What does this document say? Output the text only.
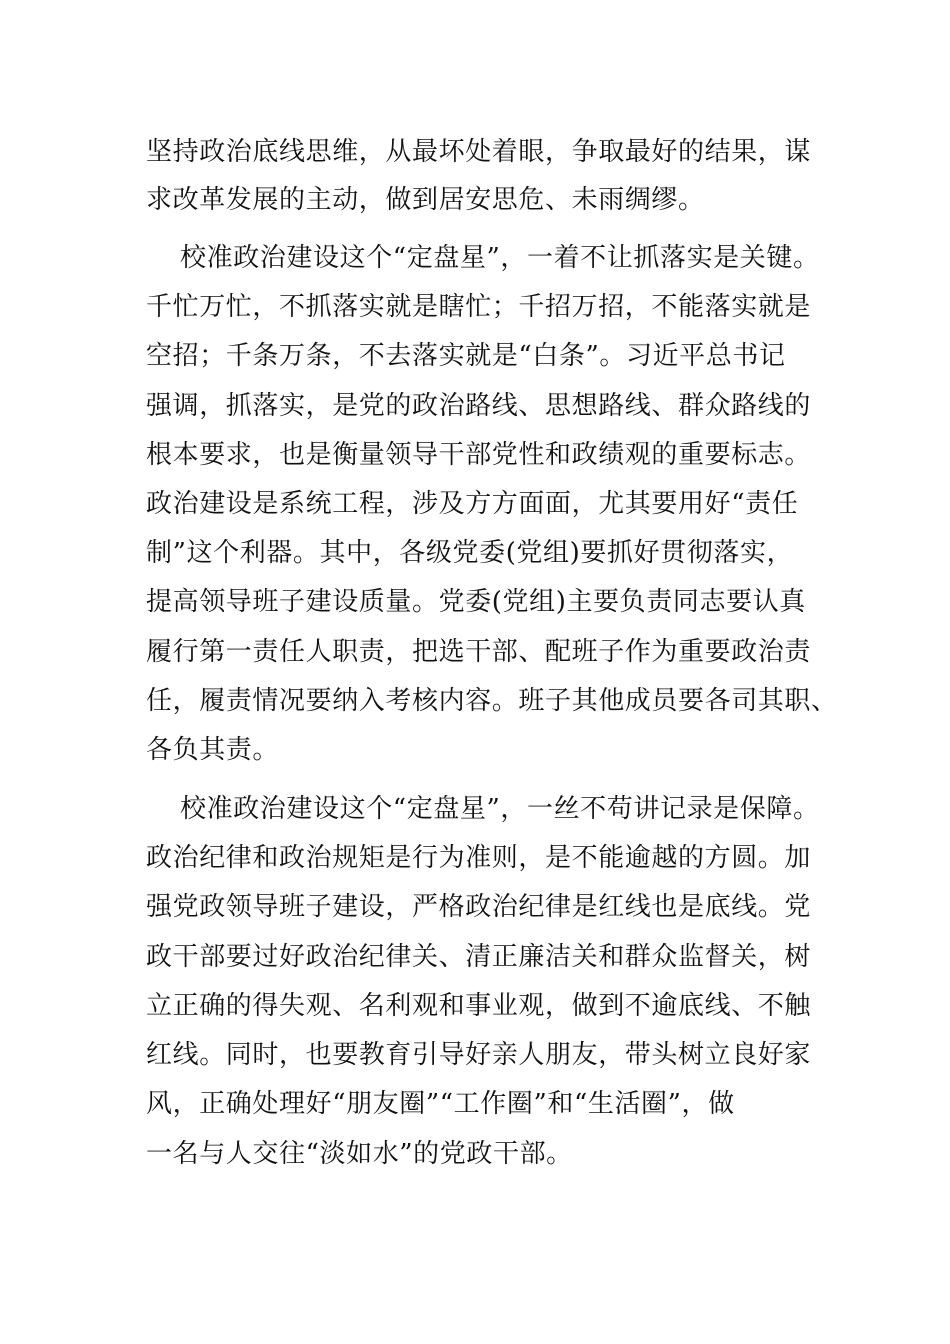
坚持政治底线思维，从最坏处着眼，争取最好的结果，谋
求改革发展的主动，做到居安思危、未雨绸缪。
校准政治建设这个“定盘星”，一着不让抓落实是关键。
千忙万忙，不抓落实就是瞎忙；千招万招，不能落实就是
空招；千条万条，不去落实就是“白条”。习近平总书记
强调，抓落实，是党的政治路线、思想路线、群众路线的
根本要求，也是衡量领导干部党性和政绩观的重要标志。
政治建设是系统工程，涉及方方面面，尤其要用好“责任
制”这个利器。其中，各级党委(党组)要抓好贯彻落实，
提高领导班子建设质量。党委(党组)主要负责同志要认真
履行第一责任人职责，把选干部、配班子作为重要政治责
任，履责情况要纳入考核内容。班子其他成员要各司其职、
各负其责。
校准政治建设这个“定盘星”，一丝不苟讲记录是保障。
政治纪律和政治规矩是行为准则，是不能逾越的方圆。加
强党政领导班子建设，严格政治纪律是红线也是底线。党
政干部要过好政治纪律关、清正廉洁关和群众监督关，树
立正确的得失观、名利观和事业观，做到不逾底线、不触
红线。同时，也要教育引导好亲人朋友，带头树立良好家
风，正确处理好“朋友圈”“工作圈”和“生活圈”，做
一名与人交往“淡如水”的党政干部。
